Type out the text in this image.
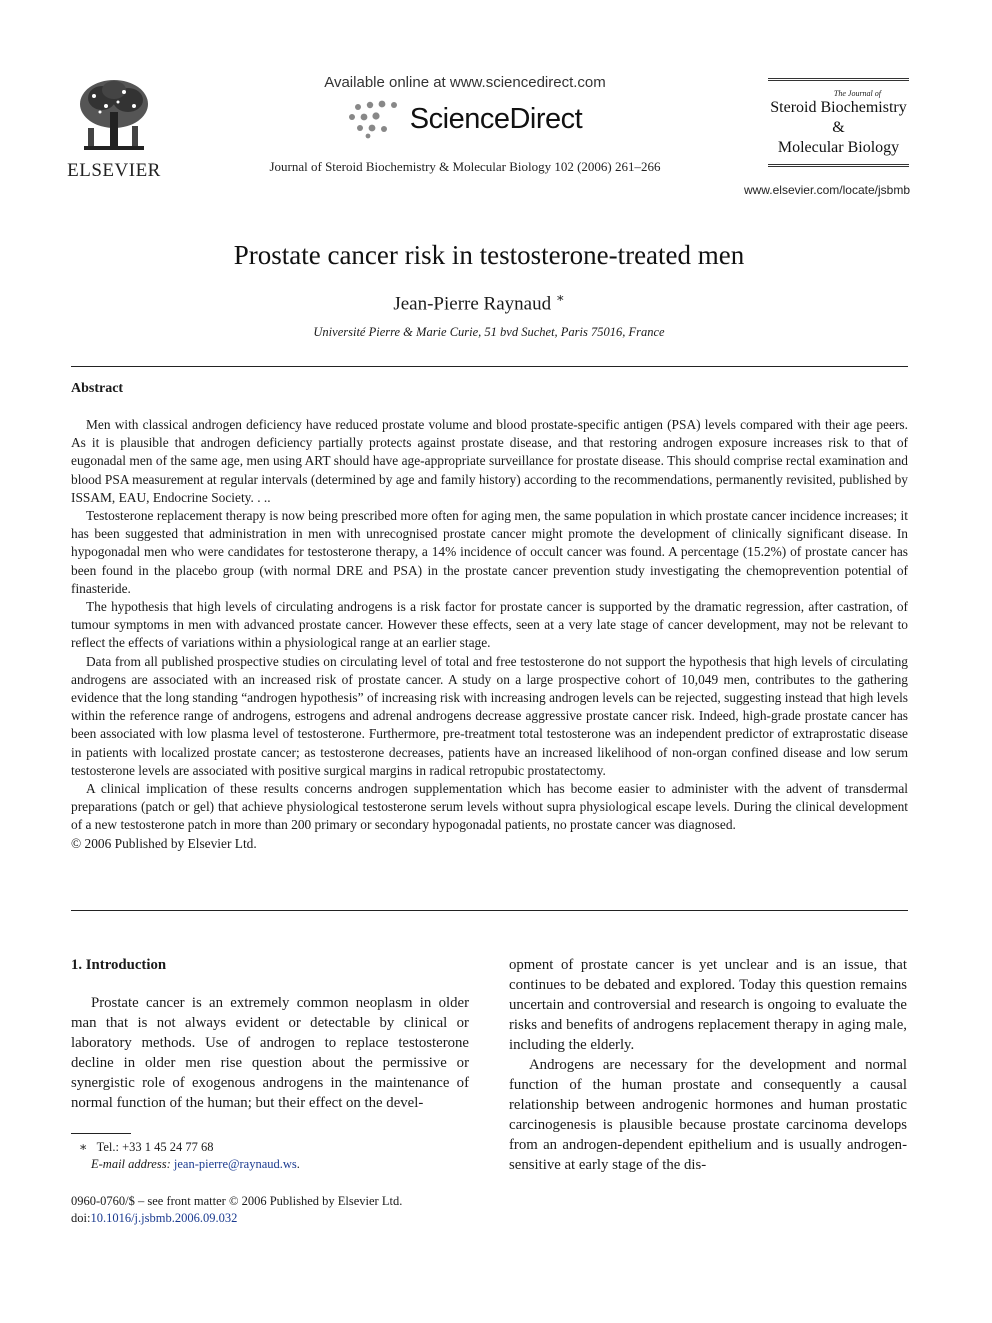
ELSEVIER
Available online at www.sciencedirect.com
ScienceDirect
Journal of Steroid Biochemistry & Molecular Biology 102 (2006) 261–266
The Journal of
Steroid Biochemistry
&
Molecular Biology
www.elsevier.com/locate/jsbmb
Prostate cancer risk in testosterone-treated men
Jean-Pierre Raynaud ∗
Université Pierre & Marie Curie, 51 bvd Suchet, Paris 75016, France
Abstract

Men with classical androgen deficiency have reduced prostate volume and blood prostate-specific antigen (PSA) levels compared with their age peers. As it is plausible that androgen deficiency partially protects against prostate disease, and that restoring androgen exposure increases risk to that of eugonadal men of the same age, men using ART should have age-appropriate surveillance for prostate disease. This should comprise rectal examination and blood PSA measurement at regular intervals (determined by age and family history) according to the recommendations, permanently revisited, published by ISSAM, EAU, Endocrine Society. . ..

Testosterone replacement therapy is now being prescribed more often for aging men, the same population in which prostate cancer incidence increases; it has been suggested that administration in men with unrecognised prostate cancer might promote the development of clinically significant disease. In hypogonadal men who were candidates for testosterone therapy, a 14% incidence of occult cancer was found. A percentage (15.2%) of prostate cancer has been found in the placebo group (with normal DRE and PSA) in the prostate cancer prevention study investigating the chemoprevention potential of finasteride.

The hypothesis that high levels of circulating androgens is a risk factor for prostate cancer is supported by the dramatic regression, after castration, of tumour symptoms in men with advanced prostate cancer. However these effects, seen at a very late stage of cancer development, may not be relevant to reflect the effects of variations within a physiological range at an earlier stage.

Data from all published prospective studies on circulating level of total and free testosterone do not support the hypothesis that high levels of circulating androgens are associated with an increased risk of prostate cancer. A study on a large prospective cohort of 10,049 men, contributes to the gathering evidence that the long standing “androgen hypothesis” of increasing risk with increasing androgen levels can be rejected, suggesting instead that high levels within the reference range of androgens, estrogens and adrenal androgens decrease aggressive prostate cancer risk. Indeed, high-grade prostate cancer has been associated with low plasma level of testosterone. Furthermore, pre-treatment total testosterone was an independent predictor of extraprostatic disease in patients with localized prostate cancer; as testosterone decreases, patients have an increased likelihood of non-organ confined disease and low serum testosterone levels are associated with positive surgical margins in radical retropubic prostatectomy.

A clinical implication of these results concerns androgen supplementation which has become easier to administer with the advent of transdermal preparations (patch or gel) that achieve physiological testosterone serum levels without supra physiological escape levels. During the clinical development of a new testosterone patch in more than 200 primary or secondary hypogonadal patients, no prostate cancer was diagnosed.

© 2006 Published by Elsevier Ltd.

1. Introduction

Prostate cancer is an extremely common neoplasm in older man that is not always evident or detectable by clinical or laboratory methods. Use of androgen to replace testosterone decline in older men rise question about the permissive or synergistic role of exogenous androgens in the maintenance of normal function of the human; but their effect on the devel-

opment of prostate cancer is yet unclear and is an issue, that continues to be debated and explored. Today this question remains uncertain and controversial and research is ongoing to evaluate the risks and benefits of androgens replacement therapy in aging male, including the elderly.

Androgens are necessary for the development and normal function of the human prostate and consequently a causal relationship between androgenic hormones and human prostatic carcinogenesis is plausible because prostate carcinoma develops from an androgen-dependent epithelium and is usually androgen-sensitive at early stage of the dis-

∗ Tel.: +33 1 45 24 77 68
E-mail address: jean-pierre@raynaud.ws.
0960-0760/$ – see front matter © 2006 Published by Elsevier Ltd.
doi:10.1016/j.jsbmb.2006.09.032
